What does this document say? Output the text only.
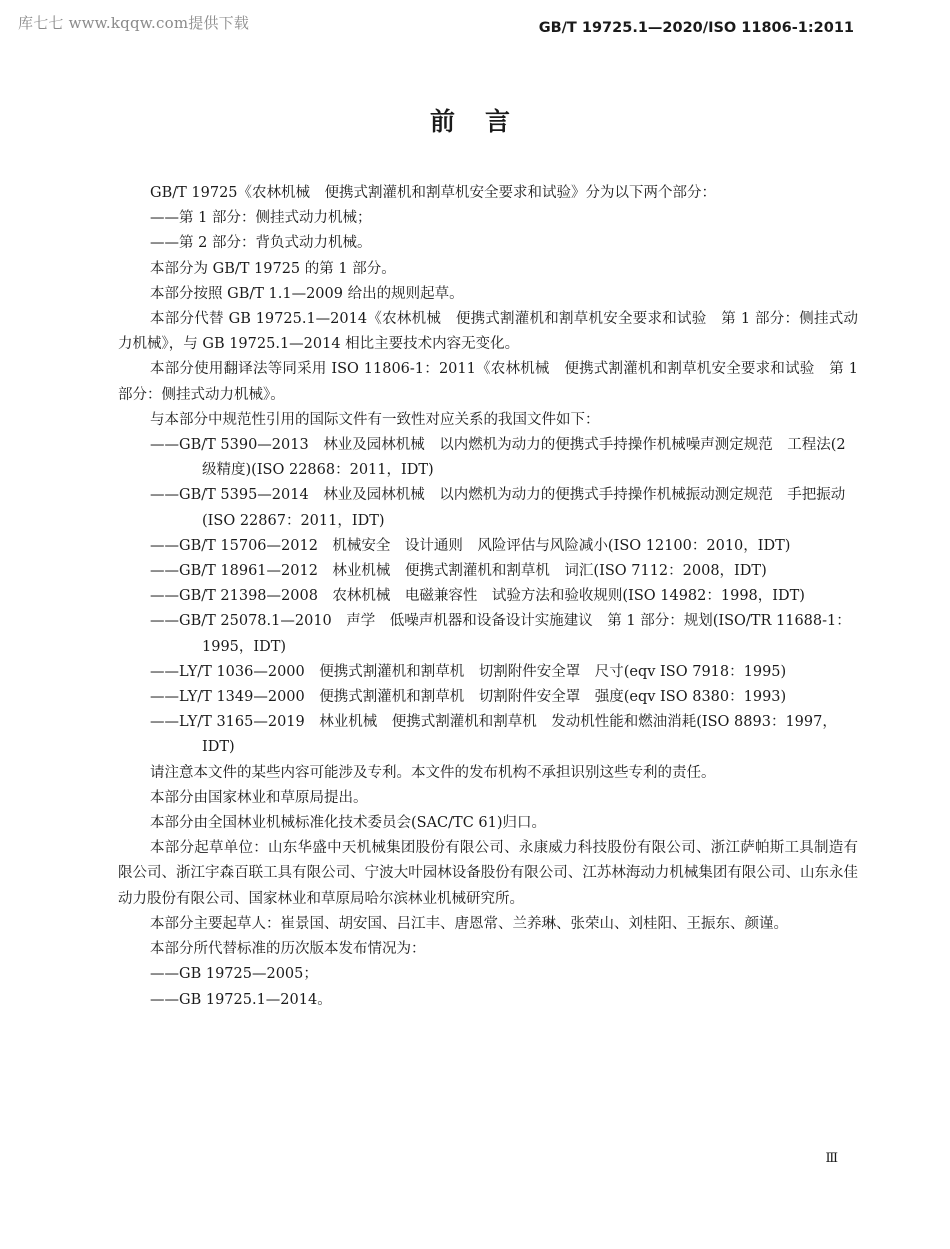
库七七 www.kqqw.com提供下载	GB/T 19725.1—2020/ISO 11806-1:2011
前言

GB/T 19725《农林机械　便携式割灌机和割草机安全要求和试验》分为以下两个部分：

——第 1 部分：侧挂式动力机械；

——第 2 部分：背负式动力机械。

本部分为 GB/T 19725 的第 1 部分。

本部分按照 GB/T 1.1—2009 给出的规则起草。

本部分代替 GB 19725.1—2014《农林机械　便携式割灌机和割草机安全要求和试验　第 1 部分：侧挂式动力机械》，与 GB 19725.1—2014 相比主要技术内容无变化。

本部分使用翻译法等同采用 ISO 11806-1：2011《农林机械　便携式割灌机和割草机安全要求和试验　第 1 部分：侧挂式动力机械》。

与本部分中规范性引用的国际文件有一致性对应关系的我国文件如下：

——GB/T 5390—2013　林业及园林机械　以内燃机为动力的便携式手持操作机械噪声测定规范　工程法(2 级精度)(ISO 22868：2011，IDT)

——GB/T 5395—2014　林业及园林机械　以内燃机为动力的便携式手持操作机械振动测定规范　手把振动(ISO 22867：2011，IDT)

——GB/T 15706—2012　机械安全　设计通则　风险评估与风险减小(ISO 12100：2010，IDT)

——GB/T 18961—2012　林业机械　便携式割灌机和割草机　词汇(ISO 7112：2008，IDT)

——GB/T 21398—2008　农林机械　电磁兼容性　试验方法和验收规则(ISO 14982：1998，IDT)

——GB/T 25078.1—2010　声学　低噪声机器和设备设计实施建议　第 1 部分：规划(ISO/TR 11688-1：1995，IDT)

——LY/T 1036—2000　便携式割灌机和割草机　切割附件安全罩　尺寸(eqv ISO 7918：1995)

——LY/T 1349—2000　便携式割灌机和割草机　切割附件安全罩　强度(eqv ISO 8380：1993)

——LY/T 3165—2019　林业机械　便携式割灌机和割草机　发动机性能和燃油消耗(ISO 8893：1997，IDT)

请注意本文件的某些内容可能涉及专利。本文件的发布机构不承担识别这些专利的责任。

本部分由国家林业和草原局提出。

本部分由全国林业机械标准化技术委员会(SAC/TC 61)归口。

本部分起草单位：山东华盛中天机械集团股份有限公司、永康威力科技股份有限公司、浙江萨帕斯工具制造有限公司、浙江宇森百联工具有限公司、宁波大叶园林设备股份有限公司、江苏林海动力机械集团有限公司、山东永佳动力股份有限公司、国家林业和草原局哈尔滨林业机械研究所。

本部分主要起草人：崔景国、胡安国、吕江丰、唐恩常、兰养琳、张荣山、刘桂阳、王振东、颜谨。

本部分所代替标准的历次版本发布情况为：

——GB 19725—2005；

——GB 19725.1—2014。

Ⅲ
